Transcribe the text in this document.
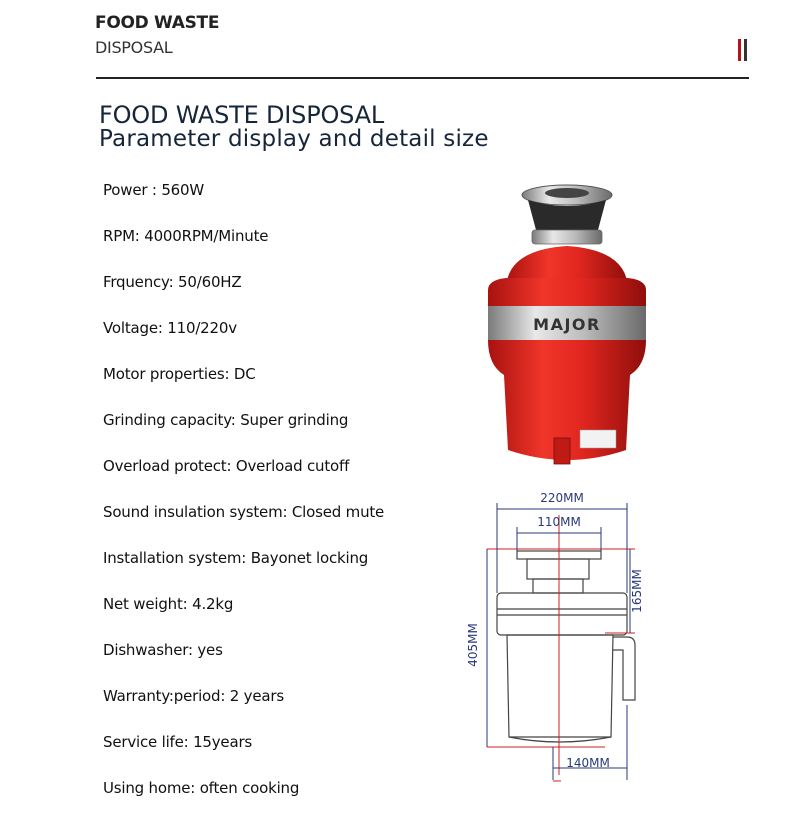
FOOD WASTE
DISPOSAL
FOOD WASTE DISPOSAL
Parameter display and detail size
Power : 560W
RPM: 4000RPM/Minute
Frquency: 50/60HZ
Voltage: 110/220v
Motor properties: DC
Grinding capacity: Super grinding
Overload protect: Overload cutoff
Sound insulation system: Closed mute
Installation system: Bayonet locking
Net weight: 4.2kg
Dishwasher: yes
Warranty:period: 2 years
Service life: 15years
Using home: often cooking
MAJOR
220MM
110MM
165MM
405MM
140MM
